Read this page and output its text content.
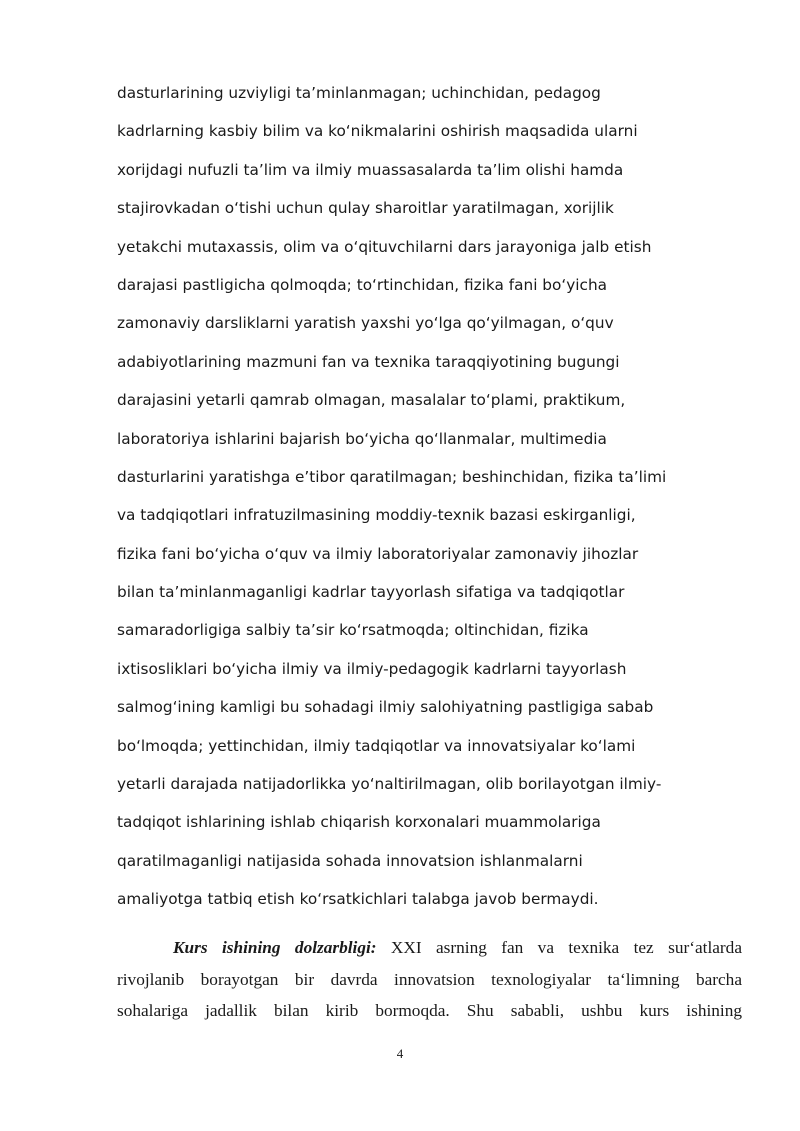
dasturlarining uzviyligi ta’minlanmagan; uchinchidan, pedagog
kadrlarning kasbiy bilim va ko‘nikmalarini oshirish maqsadida ularni
xorijdagi nufuzli ta’lim va ilmiy muassasalarda ta’lim olishi hamda
stajirovkadan o‘tishi uchun qulay sharoitlar yaratilmagan, xorijlik
yetakchi mutaxassis, olim va o‘qituvchilarni dars jarayoniga jalb etish
darajasi pastligicha qolmoqda; to‘rtinchidan, fizika fani bo‘yicha
zamonaviy darsliklarni yaratish yaxshi yo‘lga qo‘yilmagan, o‘quv
adabiyotlarining mazmuni fan va texnika taraqqiyotining bugungi
darajasini yetarli qamrab olmagan, masalalar to‘plami, praktikum,
laboratoriya ishlarini bajarish bo‘yicha qo‘llanmalar, multimedia
dasturlarini yaratishga e’tibor qaratilmagan; beshinchidan, fizika ta’limi
va tadqiqotlari infratuzilmasining moddiy-texnik bazasi eskirganligi,
fizika fani bo‘yicha o‘quv va ilmiy laboratoriyalar zamonaviy jihozlar
bilan ta’minlanmaganligi kadrlar tayyorlash sifatiga va tadqiqotlar
samaradorligiga salbiy ta’sir ko‘rsatmoqda; oltinchidan, fizika
ixtisosliklari bo‘yicha ilmiy va ilmiy-pedagogik kadrlarni tayyorlash
salmog‘ining kamligi bu sohadagi ilmiy salohiyatning pastligiga sabab
bo‘lmoqda; yettinchidan, ilmiy tadqiqotlar va innovatsiyalar ko‘lami
yetarli darajada natijadorlikka yo‘naltirilmagan, olib borilayotgan ilmiy-
tadqiqot ishlarining ishlab chiqarish korxonalari muammolariga
qaratilmaganligi natijasida sohada innovatsion ishlanmalarni
amaliyotga tatbiq etish ko‘rsatkichlari talabga javob bermaydi.
Kurs ishining dolzarbligi: XXI asrning fan va texnika tez sur‘atlarda
rivojlanib borayotgan bir davrda innovatsion texnologiyalar ta‘limning barcha
sohalariga jadallik bilan kirib bormoqda. Shu sababli, ushbu kurs ishining
4
